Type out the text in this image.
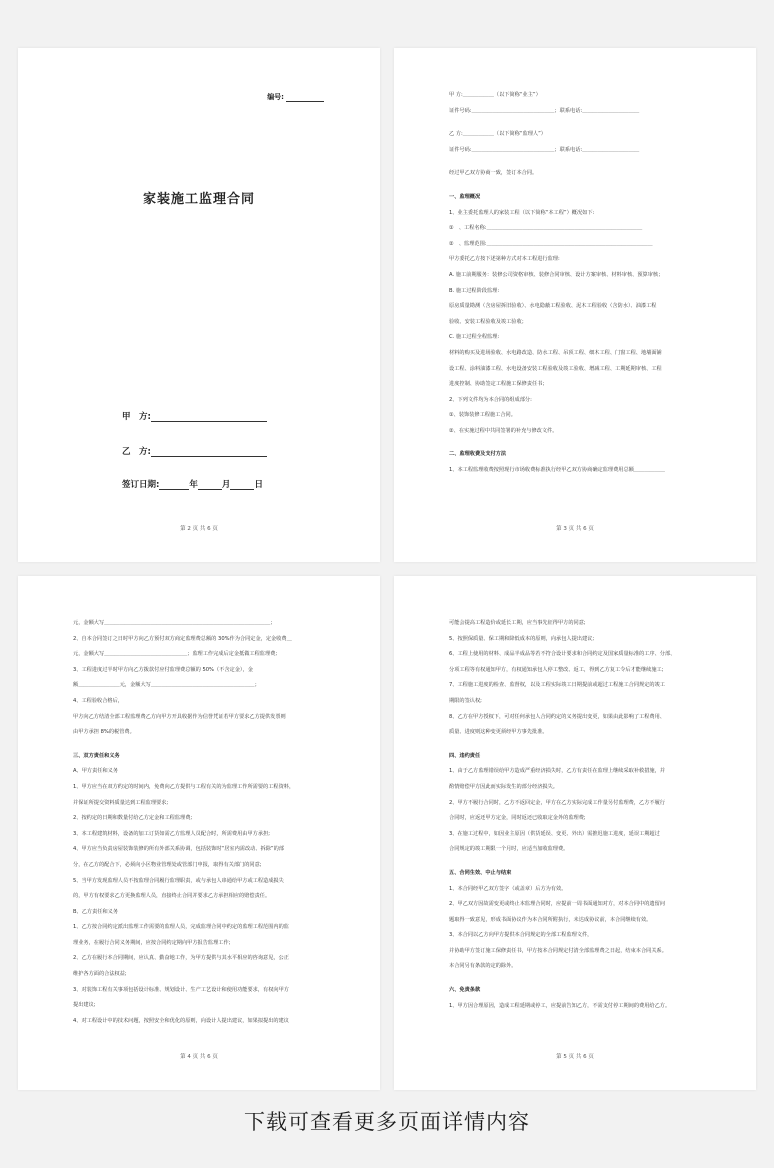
编号:
家装施工监理合同
甲　方:
乙　方:
签订日期:	年	月	日
第 2 页 共 6 页
甲 方:＿＿＿＿＿＿（以下简称“业主”）
证件号码:＿＿＿＿＿＿＿＿＿＿＿＿＿＿＿＿；联系电话:＿＿＿＿＿＿＿＿＿＿＿
乙 方:＿＿＿＿＿＿（以下简称“监理人”）
证件号码:＿＿＿＿＿＿＿＿＿＿＿＿＿＿＿＿；联系电话:＿＿＿＿＿＿＿＿＿＿＿
经过甲乙双方协商一致，签订本合同。
一、监理概况
1、业主委托监理人的家装工程（以下简称“本工程”）概况如下:
①　、工程名称:＿＿＿＿＿＿＿＿＿＿＿＿＿＿＿＿＿＿＿＿＿＿＿＿＿＿＿＿＿＿
②　、监理范围:＿＿＿＿＿＿＿＿＿＿＿＿＿＿＿＿＿＿＿＿＿＿＿＿＿＿＿＿＿＿＿＿
甲方委托乙方按下述第种方式对本工程进行监理:
A. 施工前期服务：装修公司资格审核、装修合同审核、设计方案审核、材料审核、预算审核；
B. 施工过程阶段监理:
原房质量勘测（含房屋拆旧验收）、水电隐蔽工程验收、泥木工程验收（含防水）、油漆工程
验收、安装工程验收及竣工验收；
C. 施工过程全程监理:
材料的购买及进场验收、水电路改造、防水工程、吊顶工程、细木工程、门窗工程、地墙面铺
设工程、涂料油漆工程、水电设备安装工程验收及竣工验收、增减工程、工期延期审核、工程
进度控制、协助签定工程施工保修责任书；
2、下列文件均为本合同的组成部分:
①、装饰装修工程施工合同。
②、在实施过程中共同签署的补充与修改文件。
二、监理收费及支付方法
1、本工程监理收费按照现行市场收费标准执行经甲乙双方协商确定监理费用总额＿＿＿＿＿＿
第 3 页 共 6 页
元，金额大写＿＿＿＿＿＿＿＿＿＿＿＿＿＿＿＿＿＿＿＿＿＿＿＿＿＿＿＿＿＿＿＿；
2、自本合同签订之日时甲方向乙方预付双方商定监理费总额的 30%作为合同定金，定金收费＿
元，金额大写＿＿＿＿＿＿＿＿＿＿＿＿＿＿＿＿；监理工作完成后定金抵做工程监理费;
3、工程进度过半时甲方向乙方拨款付应付监理费总额的 50%（不含定金），金
额＿＿＿＿＿＿＿＿元，金额大写＿＿＿＿＿＿＿＿＿＿＿＿＿＿＿＿＿＿＿＿；
4、工程验收合格后，
甲方向乙方结清全部工程监理费乙方向甲方开具收据作为信誉凭证若甲方要求乙方提供发票则
由甲方承担 8%的税管费。
三、双方责任和义务
A、甲方责任和义务
1、甲方应当在双方约定的时间内，免费向乙方提供与工程有关的为监理工作所需要的工程资料，
并保证所提交资料质量达到工程监理要求;
2、按约定的日期和数量付给乙方定金和工程监理费;
3、本工程建筑材料，设备的加工订货如需乙方监理人员配合时，所需费用由甲方承担;
4、甲方应当负责房屋装饰装修的所有外部关系协调，包括装饰时“居室内需改动、拆除”的部
分，在乙方的配合下，必须向小区物业管理处或管部门申报，取得有关部门的同意;
5、当甲方发现监理人员不按监理合同履行监理职责，或与承包人串通给甲方或工程造成损失
的，甲方有权要求乙方更换监理人员，直接终止合同并要求乙方承担相应的赔偿责任。
B、乙方责任和义务
1、乙方按合同约定派出监理工作需要的监理人员，完成监理合同中约定的监理工程范围内的监
理业务，在履行合同义务期间，应按合同约定期向甲方报告监理工作;
2、乙方在履行本合同期间，应认真、勤奋地工作，为甲方提供与其水平相应的咨询意见，公正
维护各方面的合法权益;
3、对装饰工程有关事项包括设计标准、规划设计、生产工艺设计和使用功能要求，有权向甲方
提出建议;
4、对工程设计中的技术问题，按照安全和优化的原则，向设计人提出建议，如果拟提出的建议
第 4 页 共 6 页
可能会提高工程造价或延长工期，应当事先征得甲方的同意;
5、按照保质量、保工期和降低成本的原则，向承包人提出建议;
6、工程上使用的材料、成品半成品等若不符合设计要求和合同约定及国家质量标准的工序、分部、
分项工程等有权通知甲方，有权通知承包人停工整改、返工，得到乙方复工令后才能继续施工;
7、工程施工进度的检查、监督权，以及工程实际竣工日期提前或超过工程施工合同规定的竣工
期限的签认权;
8、乙方在甲方授权下，可对任何承包人合同约定的义务提出变更，如果由此影响了工程费用、
质量、进度则这种变更须经甲方事先批准。
四、违约责任
1、由于乙方监理错误给甲方造成严重经济损失时，乙方有责任在监理上继续采取补救措施，并
酌情赔偿甲方因此而实际发生的部分经济损失。
2、甲方不履行合同时，乙方不返回定金，甲方在乙方实际完成工作量另付监理费，乙方不履行
合同时，应返还甲方定金，同时返还已收取定金外的监理费;
3、在施工过程中，如因业主原因（供货延误、变更、外出）需推迟施工进度，延误工期超过
合同规定的竣工期限一个月时，应适当加收监理费。
五、合同生效、中止与结束
1、本合同经甲乙双方签字（或盖章）后方为有效。
2、甲乙双方因故需变更或终止本监理合同时，应提前一周书面通知对方，对本合同中的遗留问
题取得一致意见，形成书面协议作为本合同所附执行，未达成协议前，本合同继续有效。
3、本合同以乙方向甲方提供本合同规定的全部工程监理文件，
并协助甲方签订施工保修责任书，甲方按本合同规定付清全部监理费之日起，结束本合同关系。
本合同另有条款的定的除外。
六、免责条款
1、甲方因合理原因，造成工程延期或停工，应提前告知乙方，不需支付停工期间的费用给乙方。
第 5 页 共 6 页
下载可查看更多页面详情内容
